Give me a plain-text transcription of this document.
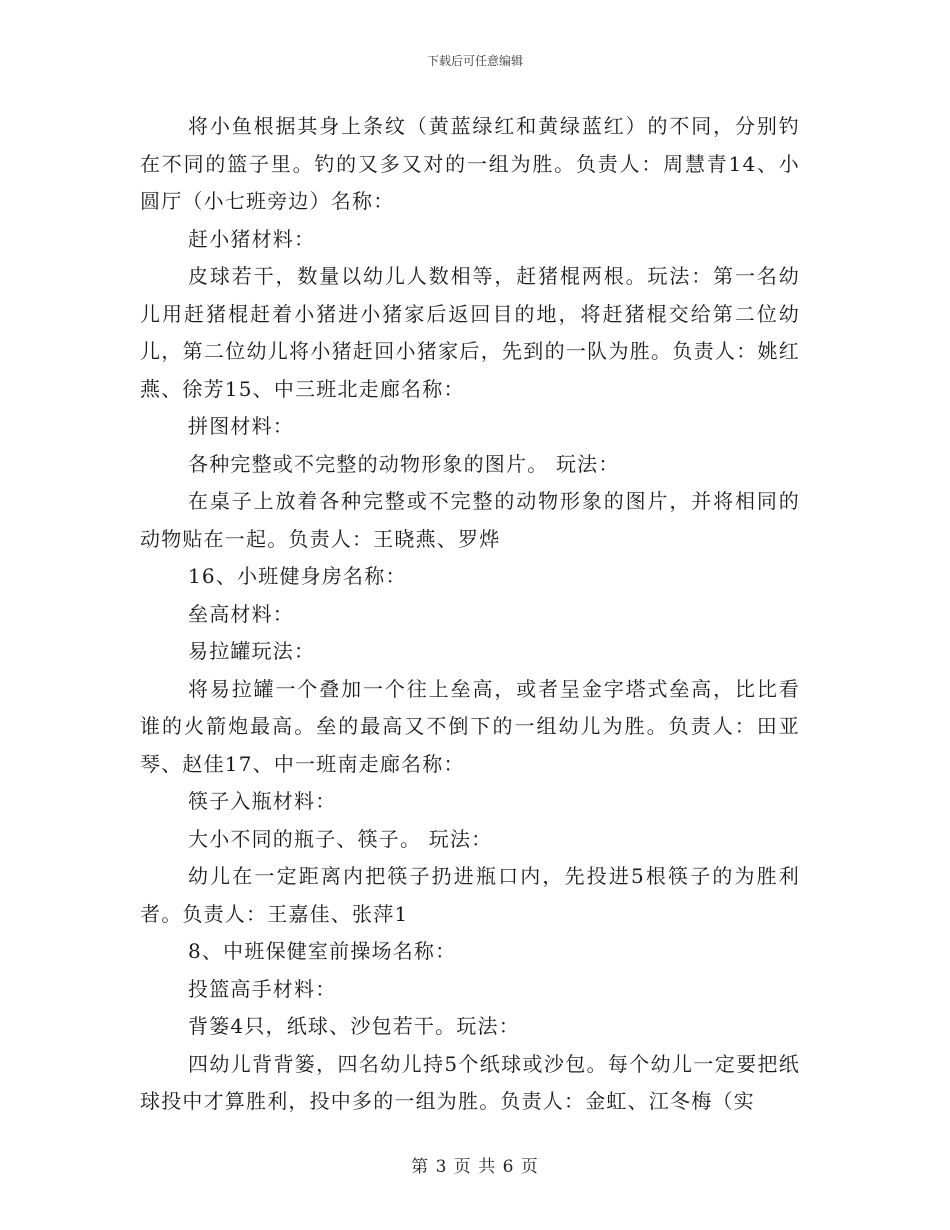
下载后可任意编辑

将小鱼根据其身上条纹（黄蓝绿红和黄绿蓝红）的不同，分别钓在不同的篮子里。钓的又多又对的一组为胜。负责人：周慧青14、小圆厅（小七班旁边）名称：

赶小猪材料：

皮球若干，数量以幼儿人数相等，赶猪棍两根。玩法：第一名幼儿用赶猪棍赶着小猪进小猪家后返回目的地，将赶猪棍交给第二位幼儿，第二位幼儿将小猪赶回小猪家后，先到的一队为胜。负责人：姚红燕、徐芳15、中三班北走廊名称：

拼图材料：

各种完整或不完整的动物形象的图片。 玩法：

在桌子上放着各种完整或不完整的动物形象的图片，并将相同的动物贴在一起。负责人：王晓燕、罗烨

16、小班健身房名称：

垒高材料：

易拉罐玩法：

将易拉罐一个叠加一个往上垒高，或者呈金字塔式垒高，比比看谁的火箭炮最高。垒的最高又不倒下的一组幼儿为胜。负责人：田亚琴、赵佳17、中一班南走廊名称：

筷子入瓶材料：

大小不同的瓶子、筷子。 玩法：

幼儿在一定距离内把筷子扔进瓶口内，先投进5根筷子的为胜利者。负责人：王嘉佳、张萍1

8、中班保健室前操场名称：

投篮高手材料：

背篓4只，纸球、沙包若干。玩法：

四幼儿背背篓，四名幼儿持5个纸球或沙包。每个幼儿一定要把纸球投中才算胜利，投中多的一组为胜。负责人：金虹、江冬梅（实

第 3 页 共 6 页
